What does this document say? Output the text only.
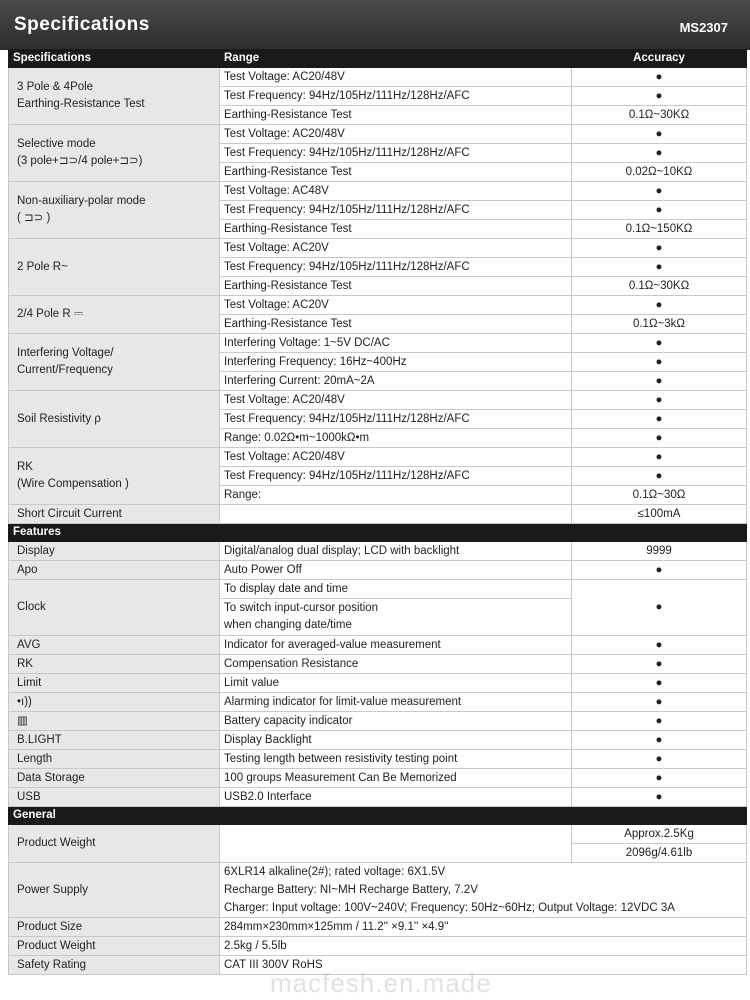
Specifications	MS2307
Specifications	Range	Accuracy
3 Pole & 4Pole
Earthing-Resistance Test	Test Voltage: AC20/48V	●
	Test Frequency: 94Hz/105Hz/111Hz/128Hz/AFC	●
	Earthing-Resistance Test	0.1Ω~30KΩ
Selective mode
(3 pole+⊐⊃/4 pole+⊐⊃)	Test Voltage: AC20/48V	●
	Test Frequency: 94Hz/105Hz/111Hz/128Hz/AFC	●
	Earthing-Resistance Test	0.02Ω~10KΩ
Non-auxiliary-polar mode
( ⊐⊃ )	Test Voltage: AC48V	●
	Test Frequency: 94Hz/105Hz/111Hz/128Hz/AFC	●
	Earthing-Resistance Test	0.1Ω~150KΩ
2 Pole R~	Test Voltage: AC20V	●
	Test Frequency: 94Hz/105Hz/111Hz/128Hz/AFC	●
	Earthing-Resistance Test	0.1Ω~30KΩ
2/4 Pole R ⎓	Test Voltage: AC20V	●
	Earthing-Resistance Test	0.1Ω~3kΩ
Interfering Voltage/
Current/Frequency	Interfering Voltage: 1~5V DC/AC	●
	Interfering Frequency: 16Hz~400Hz	●
	Interfering Current: 20mA~2A	●
Soil Resistivity ρ	Test Voltage: AC20/48V	●
	Test Frequency: 94Hz/105Hz/111Hz/128Hz/AFC	●
	Range: 0.02Ω•m~1000kΩ•m	●
RK
(Wire Compensation )	Test Voltage: AC20/48V	●
	Test Frequency: 94Hz/105Hz/111Hz/128Hz/AFC	●
	Range:	0.1Ω~30Ω
Short Circuit Current		≤100mA
Features		
Display	Digital/analog dual display; LCD with backlight	9999
Apo	Auto Power Off	●
Clock	To display date and time	●
	To switch input-cursor position
when changing date/time	
AVG	Indicator for averaged-value measurement	●
RK	Compensation Resistance	●
Limit	Limit value	●
•ı))	Alarming indicator for limit-value measurement	●
▥	Battery capacity indicator	●
B.LIGHT	Display Backlight	●
Length	Testing length between resistivity testing point	●
Data Storage	100 groups Measurement Can Be Memorized	●
USB	USB2.0 Interface	●
General		
Product Weight		Approx.2.5Kg
		2096g/4.61lb
Power Supply	6XLR14 alkaline(2#); rated voltage: 6X1.5V	
	Recharge Battery: NI~MH Recharge Battery, 7.2V	
	Charger: Input voltage: 100V~240V; Frequency: 50Hz~60Hz; Output Voltage: 12VDC 3A	
Product Size	284mm×230mm×125mm / 11.2'' ×9.1'' ×4.9''	
Product Weight	2.5kg / 5.5lb	
Safety Rating	CAT III 300V RoHS	
macfesh.en.made
